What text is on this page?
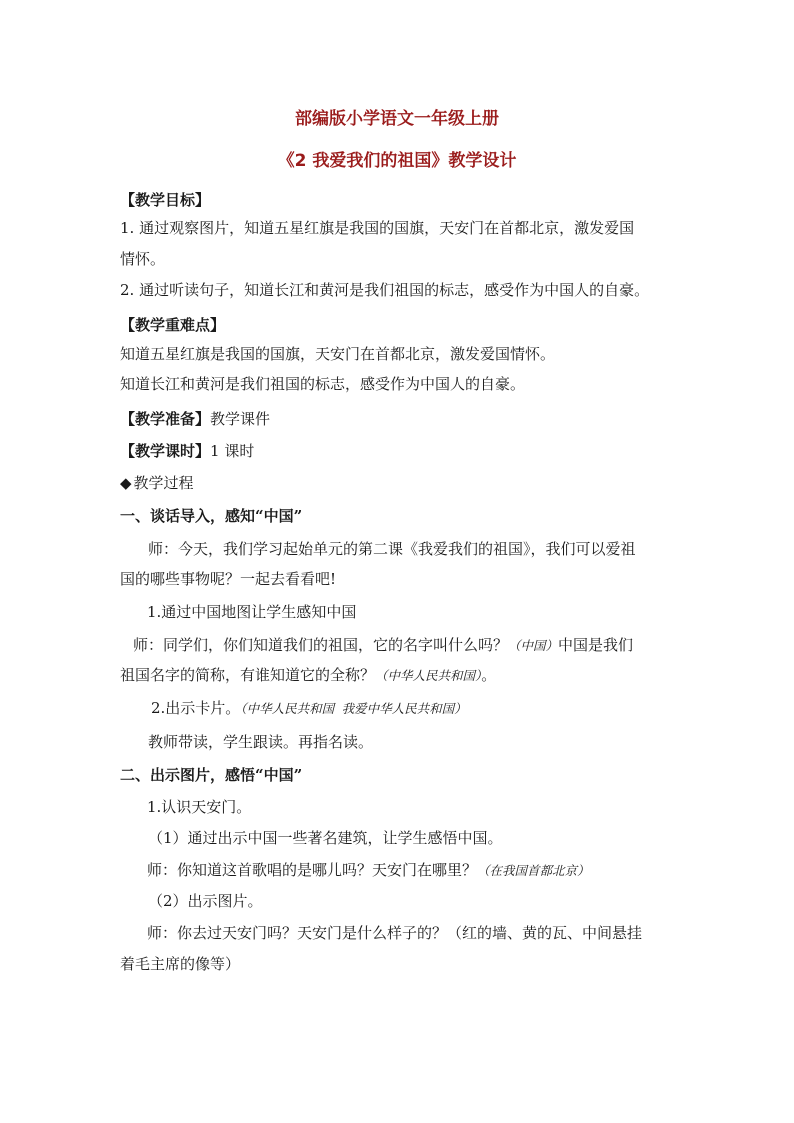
部编版小学语文一年级上册
《2 我爱我们的祖国》教学设计
【教学目标】
1. 通过观察图片，知道五星红旗是我国的国旗，天安门在首都北京，激发爱国
情怀。
2. 通过听读句子，知道长江和黄河是我们祖国的标志，感受作为中国人的自豪。
【教学重难点】
知道五星红旗是我国的国旗，天安门在首都北京，激发爱国情怀。
知道长江和黄河是我们祖国的标志，感受作为中国人的自豪。
【教学准备】教学课件
【教学课时】1 课时
◆ 教学过程
一、谈话导入，感知“中国”
师：今天，我们学习起始单元的第二课《我爱我们的祖国》，我们可以爱祖
国的哪些事物呢？一起去看看吧!
1.通过中国地图让学生感知中国
师：同学们，你们知道我们的祖国，它的名字叫什么吗？（中国）中国是我们
祖国名字的简称，有谁知道它的全称？（中华人民共和国）。
2.出示卡片。（中华人民共和国 我爱中华人民共和国）
教师带读，学生跟读。再指名读。
二、出示图片，感悟“中国”
1.认识天安门。
（1）通过出示中国一些著名建筑，让学生感悟中国。
师：你知道这首歌唱的是哪儿吗？天安门在哪里？（在我国首都北京）
（2）出示图片。
师：你去过天安门吗？天安门是什么样子的？（红的墙、黄的瓦、中间悬挂
着毛主席的像等）
